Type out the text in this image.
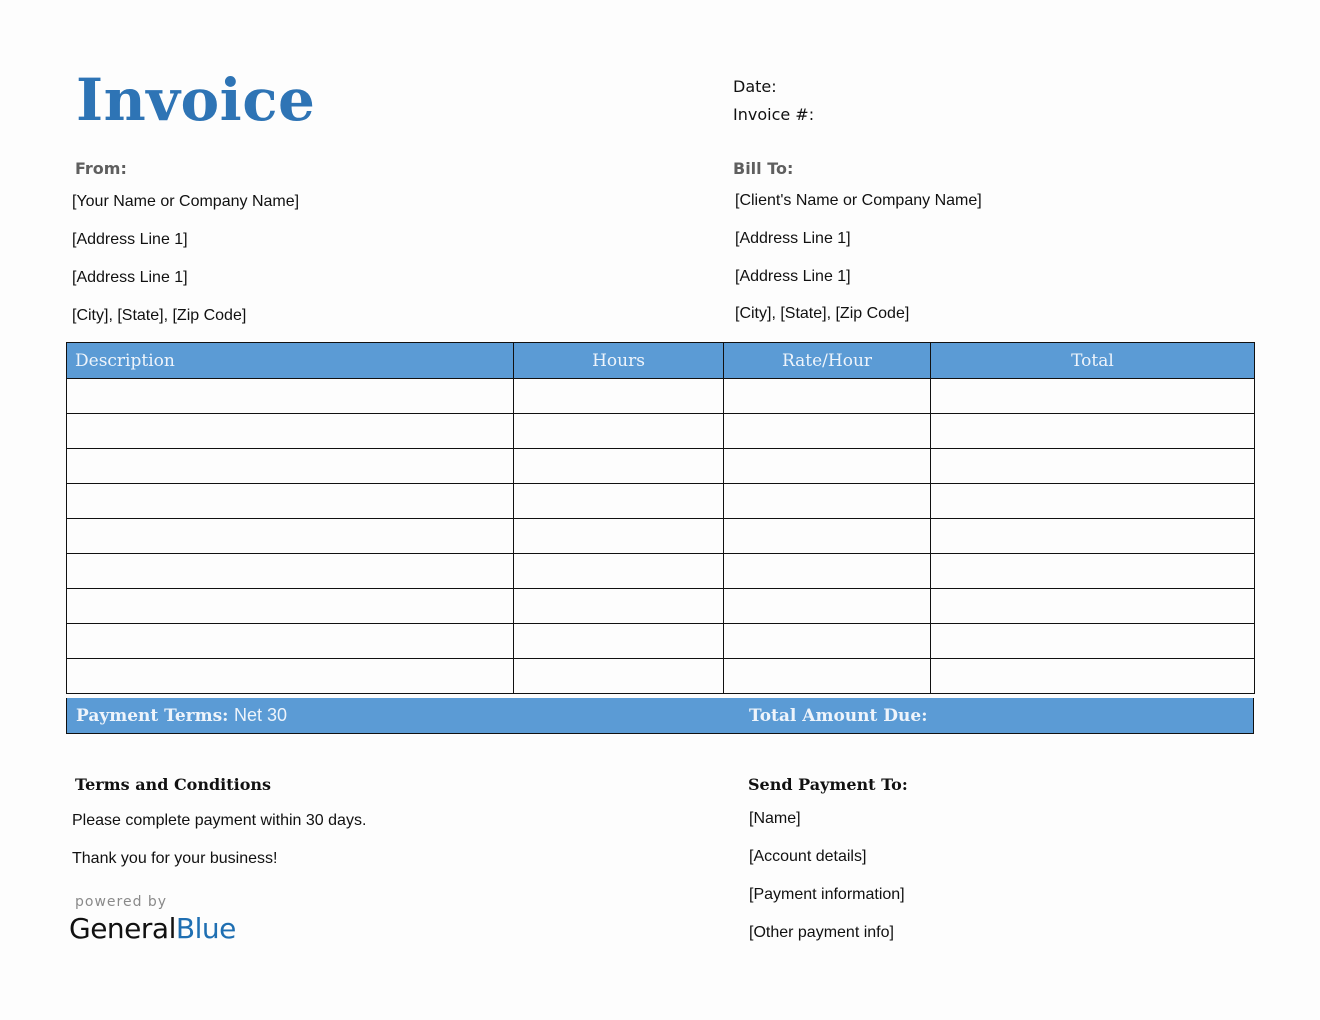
Invoice	Date:
Invoice #:
From:
[Your Name or Company Name]
[Address Line 1]
[Address Line 1]
[City], [State], [Zip Code]
Bill To:
[Client's Name or Company Name]
[Address Line 1]
[Address Line 1]
[City], [State], [Zip Code]
Description	Hours	Rate/Hour	Total

Payment Terms: Net 30	Total Amount Due:
Terms and Conditions
Please complete payment within 30 days.
Thank you for your business!
Send Payment To:
[Name]
[Account details]
[Payment information]
[Other payment info]
powered by
GeneralBlue
